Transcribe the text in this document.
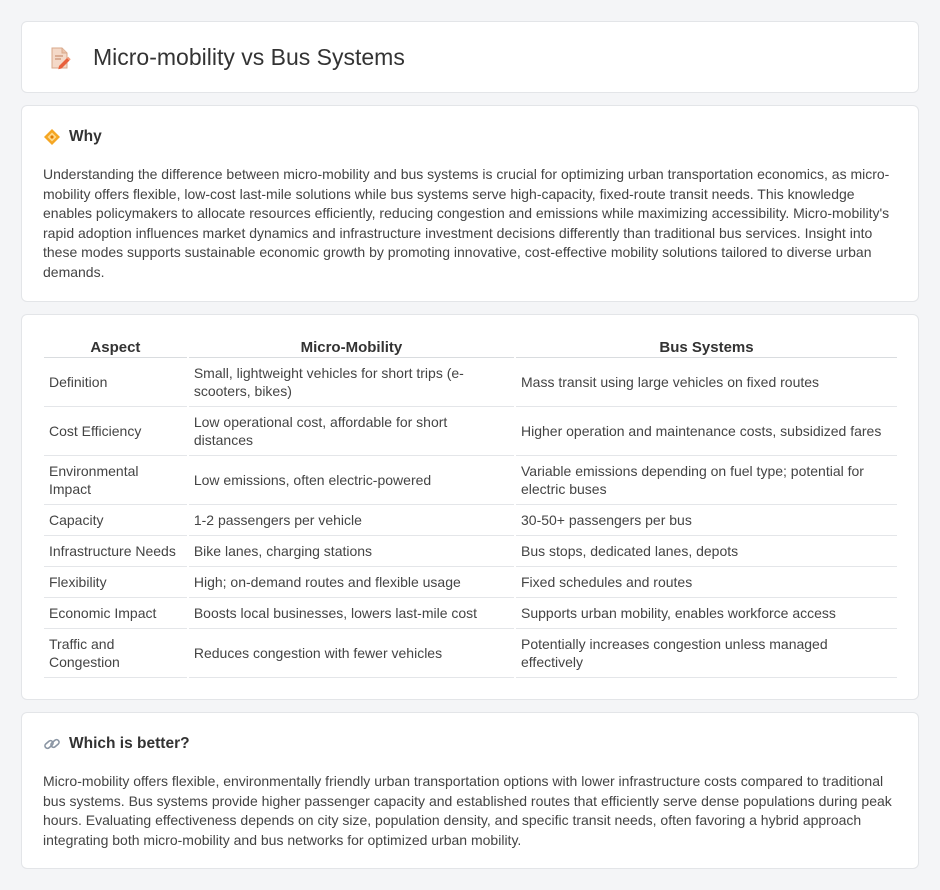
Micro-mobility vs Bus Systems
Why

Understanding the difference between micro-mobility and bus systems is crucial for optimizing urban transportation economics, as micro-mobility offers flexible, low-cost last-mile solutions while bus systems serve high-capacity, fixed-route transit needs. This knowledge enables policymakers to allocate resources efficiently, reducing congestion and emissions while maximizing accessibility. Micro-mobility's rapid adoption influences market dynamics and infrastructure investment decisions differently than traditional bus services. Insight into these modes supports sustainable economic growth by promoting innovative, cost-effective mobility solutions tailored to diverse urban demands.

Aspect	Micro-Mobility	Bus Systems
Definition	Small, lightweight vehicles for short trips (e-scooters, bikes)	Mass transit using large vehicles on fixed routes
Cost Efficiency	Low operational cost, affordable for short distances	Higher operation and maintenance costs, subsidized fares
Environmental Impact	Low emissions, often electric-powered	Variable emissions depending on fuel type; potential for electric buses
Capacity	1-2 passengers per vehicle	30-50+ passengers per bus
Infrastructure Needs	Bike lanes, charging stations	Bus stops, dedicated lanes, depots
Flexibility	High; on-demand routes and flexible usage	Fixed schedules and routes
Economic Impact	Boosts local businesses, lowers last-mile cost	Supports urban mobility, enables workforce access
Traffic and Congestion	Reduces congestion with fewer vehicles	Potentially increases congestion unless managed effectively
Which is better?

Micro-mobility offers flexible, environmentally friendly urban transportation options with lower infrastructure costs compared to traditional bus systems. Bus systems provide higher passenger capacity and established routes that efficiently serve dense populations during peak hours. Evaluating effectiveness depends on city size, population density, and specific transit needs, often favoring a hybrid approach integrating both micro-mobility and bus networks for optimized urban mobility.
